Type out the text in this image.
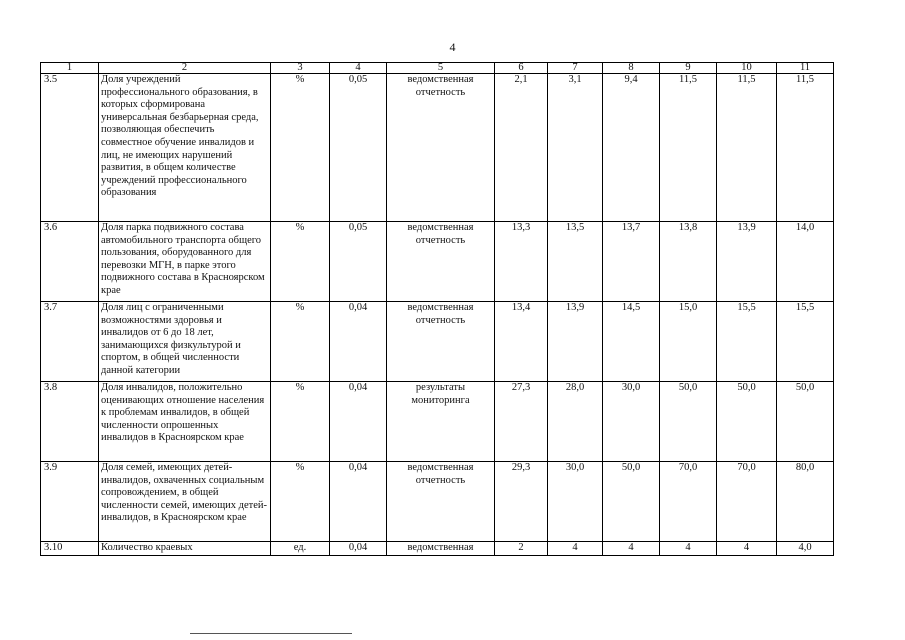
4
1	2	3	4	5	6	7	8	9	10	11
3.5	Доля учреждений профессионального образования, в которых сформирована универсальная безбарьерная среда, позволяющая обеспечить совместное обучение инвалидов и лиц, не имеющих нарушений развития, в общем количестве учреждений профессионального образования	%	0,05	ведомственная отчетность	2,1	3,1	9,4	11,5	11,5	11,5
3.6	Доля парка подвижного состава автомобильного транспорта общего пользования, оборудованного для перевозки МГН, в парке этого подвижного состава в Красноярском крае	%	0,05	ведомственная отчетность	13,3	13,5	13,7	13,8	13,9	14,0
3.7	Доля лиц с ограниченными возможностями здоровья и инвалидов от 6 до 18 лет, занимающихся физкультурой и спортом, в общей численности данной категории	%	0,04	ведомственная отчетность	13,4	13,9	14,5	15,0	15,5	15,5
3.8	Доля инвалидов, положительно оценивающих отношение населения к проблемам инвалидов, в общей численности опрошенных инвалидов в Красноярском крае	%	0,04	результаты мониторинга	27,3	28,0	30,0	50,0	50,0	50,0
3.9	Доля семей, имеющих детей-инвалидов, охваченных социальным сопровождением, в общей численности семей, имеющих детей-инвалидов, в Красноярском крае	%	0,04	ведомственная отчетность	29,3	30,0	50,0	70,0	70,0	80,0
3.10	Количество краевых	ед.	0,04	ведомственная	2	4	4	4	4	4,0
